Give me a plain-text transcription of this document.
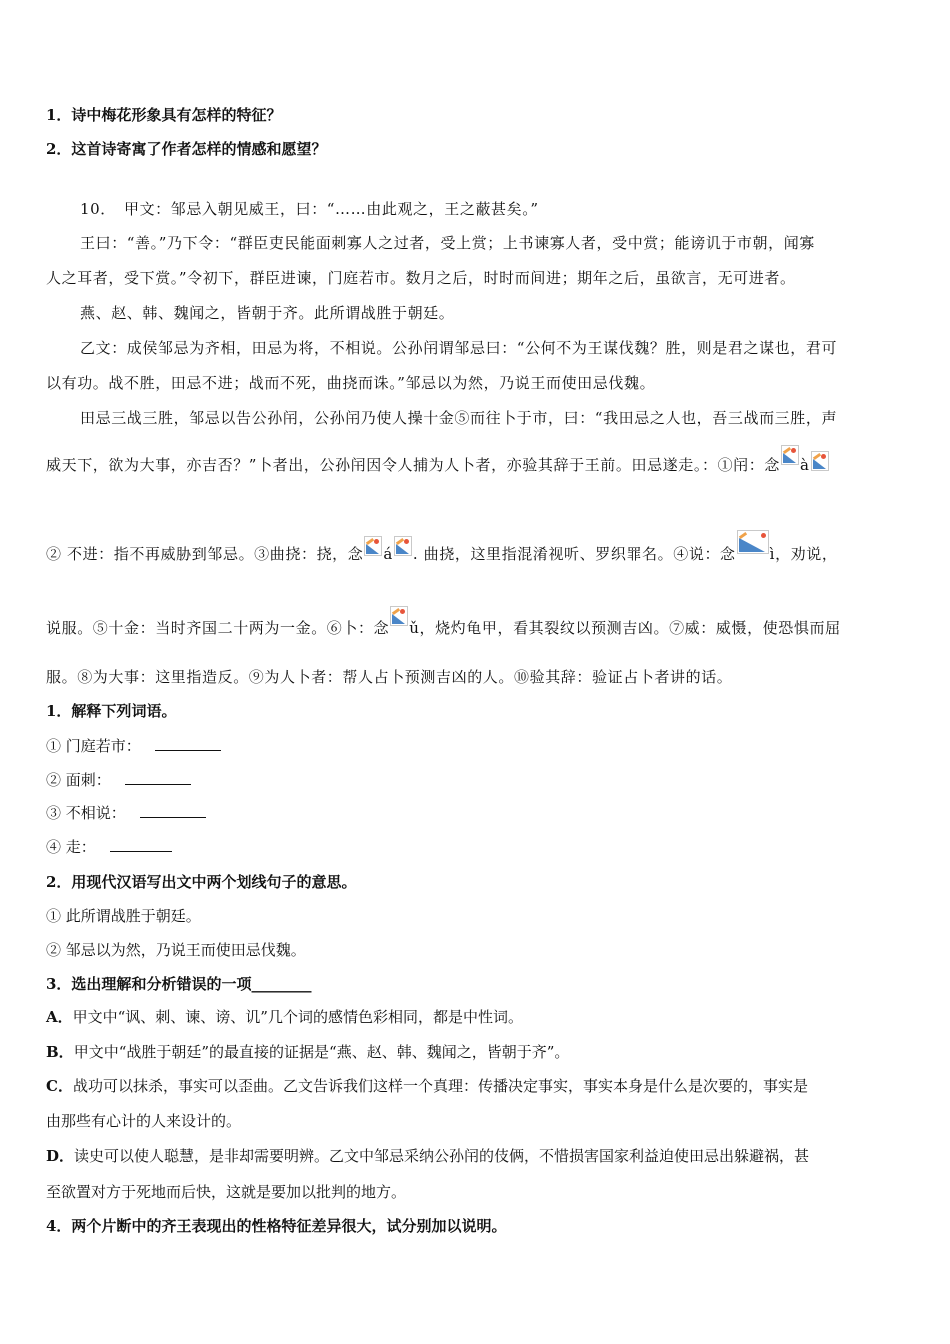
1．诗中梅花形象具有怎样的特征？
2．这首诗寄寓了作者怎样的情感和愿望？
10．　甲文：邹忌入朝见威王，曰：“……由此观之，王之蔽甚矣。”
王曰：“善。”乃下令：“群臣吏民能面刺寡人之过者，受上赏；上书谏寡人者，受中赏；能谤讥于市朝，闻寡
人之耳者，受下赏。”令初下，群臣进谏，门庭若市。数月之后，时时而间进；期年之后，虽欲言，无可进者。
燕、赵、韩、魏闻之，皆朝于齐。此所谓战胜于朝廷。
乙文：成侯邹忌为齐相，田忌为将，不相说。公孙闬谓邹忌曰：“公何不为王谋伐魏？胜，则是君之谋也，君可
以有功。战不胜，田忌不进；战而不死，曲挠而诛。”邹忌以为然，乃说王而使田忌伐魏。
田忌三战三胜，邹忌以告公孙闬，公孙闬乃使人操十金⑤而往卜于市，曰：“我田忌之人也，吾三战而三胜，声
威天下，欲为大事，亦吉否？”卜者出，公孙闬因令人捕为人卜者，亦验其辞于王前。田忌遂走。：①闬：念 à
② 不进：指不再威胁到邹忌。③曲挠：挠，念 á . 曲挠，这里指混淆视听、罗织罪名。④说：念 ì，劝说，
说服。⑤十金：当时齐国二十两为一金。⑥卜：念 ǔ，烧灼龟甲，看其裂纹以预测吉凶。⑦威：威慑，使恐惧而屈
服。⑧为大事：这里指造反。⑨为人卜者：帮人占卜预测吉凶的人。⑩验其辞：验证占卜者讲的话。
1．解释下列词语。
① 门庭若市：
② 面刺：
③ 不相说：
④ 走：
2．用现代汉语写出文中两个划线句子的意思。
① 此所谓战胜于朝廷。
② 邹忌以为然，乃说王而使田忌伐魏。
3．选出理解和分析错误的一项________
A．甲文中“讽、刺、谏、谤、讥”几个词的感情色彩相同，都是中性词。
B．甲文中“战胜于朝廷”的最直接的证据是“燕、赵、韩、魏闻之，皆朝于齐”。
C．战功可以抹杀，事实可以歪曲。乙文告诉我们这样一个真理：传播决定事实，事实本身是什么是次要的，事实是
由那些有心计的人来设计的。
D．读史可以使人聪慧，是非却需要明辨。乙文中邹忌采纳公孙闬的伎俩，不惜损害国家利益迫使田忌出躲避祸，甚
至欲置对方于死地而后快，这就是要加以批判的地方。
4．两个片断中的齐王表现出的性格特征差异很大，试分别加以说明。
